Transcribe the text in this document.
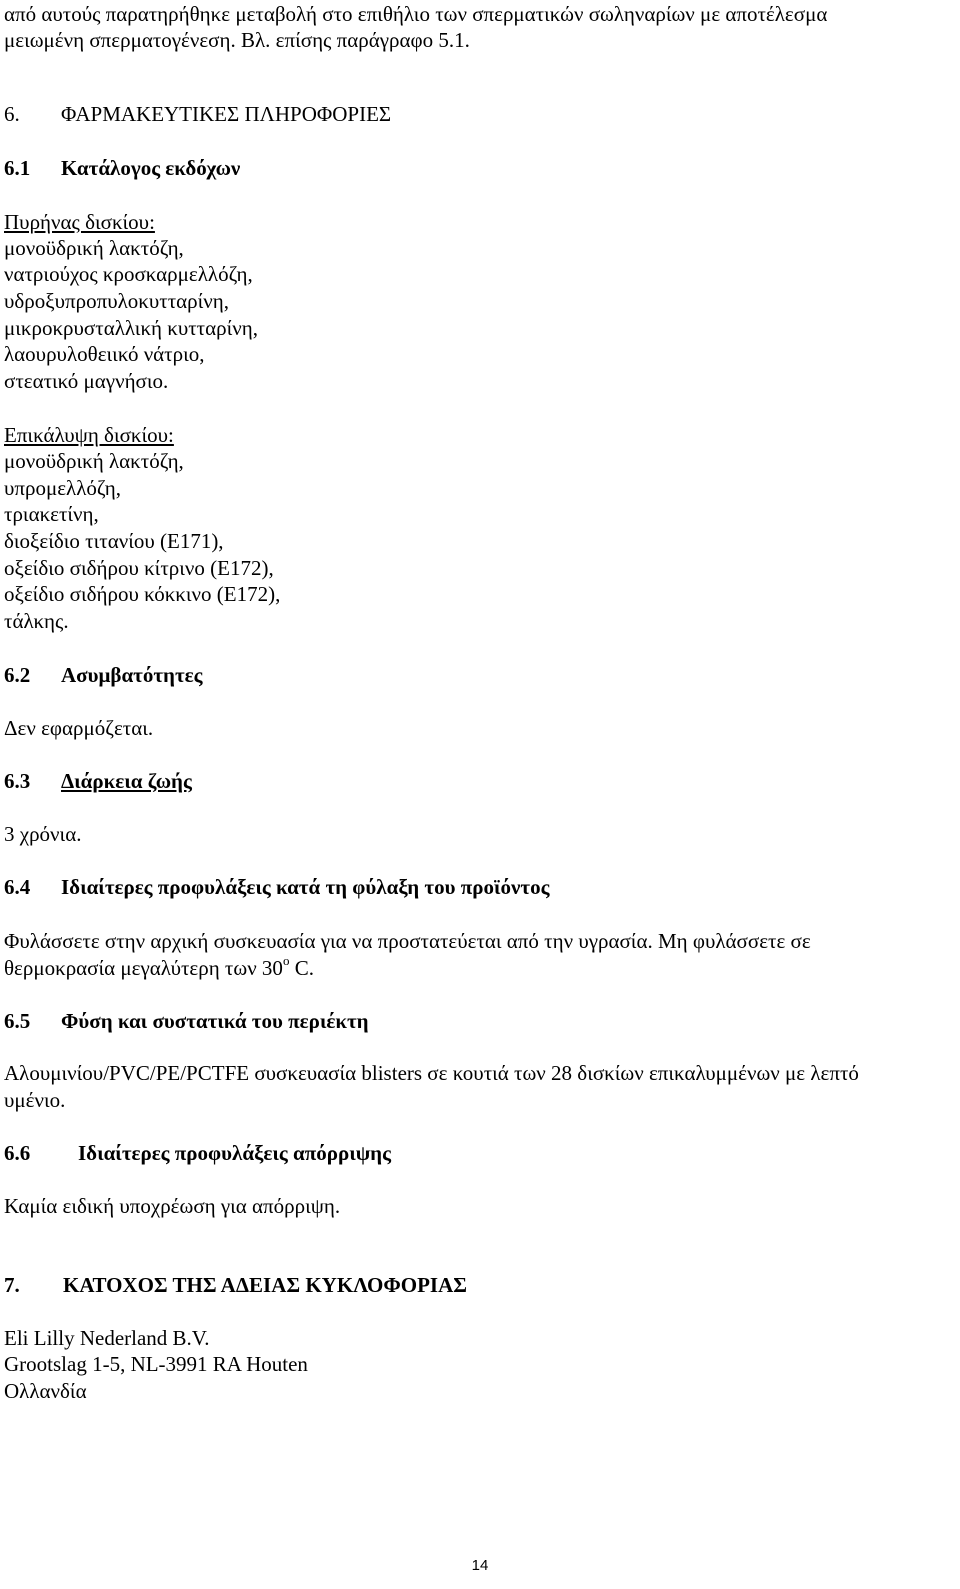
από αυτούς παρατηρήθηκε μεταβολή στο επιθήλιο των σπερματικών σωληναρίων με αποτέλεσμα
μειωμένη σπερματογένεση. Βλ. επίσης παράγραφο 5.1.
6. ΦΑΡΜΑΚΕΥΤΙΚΕΣ ΠΛΗΡΟΦΟΡΙΕΣ
6.1 Κατάλογος εκδόχων
Πυρήνας δισκίου:
μονοϋδρική λακτόζη,
νατριούχος κροσκαρμελλόζη,
υδροξυπροπυλοκυτταρίνη,
μικροκρυσταλλική κυτταρίνη,
λαουρυλοθειικό νάτριο,
στεατικό μαγνήσιο.
Επικάλυψη δισκίου:
μονοϋδρική λακτόζη,
υπρομελλόζη,
τριακετίνη,
διοξείδιο τιτανίου (E171),
οξείδιο σιδήρου κίτρινο (E172),
οξείδιο σιδήρου κόκκινο (E172),
τάλκης.
6.2 Ασυμβατότητες
Δεν εφαρμόζεται.
6.3 Διάρκεια ζωής
3 χρόνια.
6.4 Ιδιαίτερες προφυλάξεις κατά τη φύλαξη του προϊόντος
Φυλάσσετε στην αρχική συσκευασία για να προστατεύεται από την υγρασία. Μη φυλάσσετε σε
θερμοκρασία μεγαλύτερη των $30^o$ C.
6.5 Φύση και συστατικά του περιέκτη
Αλουμινίου/PVC/PE/PCTFE συσκευασία blisters σε κουτιά των 28 δισκίων επικαλυμμένων με λεπτό
υμένιο.
6.6 Ιδιαίτερες προφυλάξεις απόρριψης
Καμία ειδική υποχρέωση για απόρριψη.
7. ΚΑΤΟΧΟΣ ΤΗΣ ΑΔΕΙΑΣ ΚΥΚΛΟΦΟΡΙΑΣ
Eli Lilly Nederland B.V.
Grootslag 1-5, NL-3991 RA Houten
Ολλανδία
14
